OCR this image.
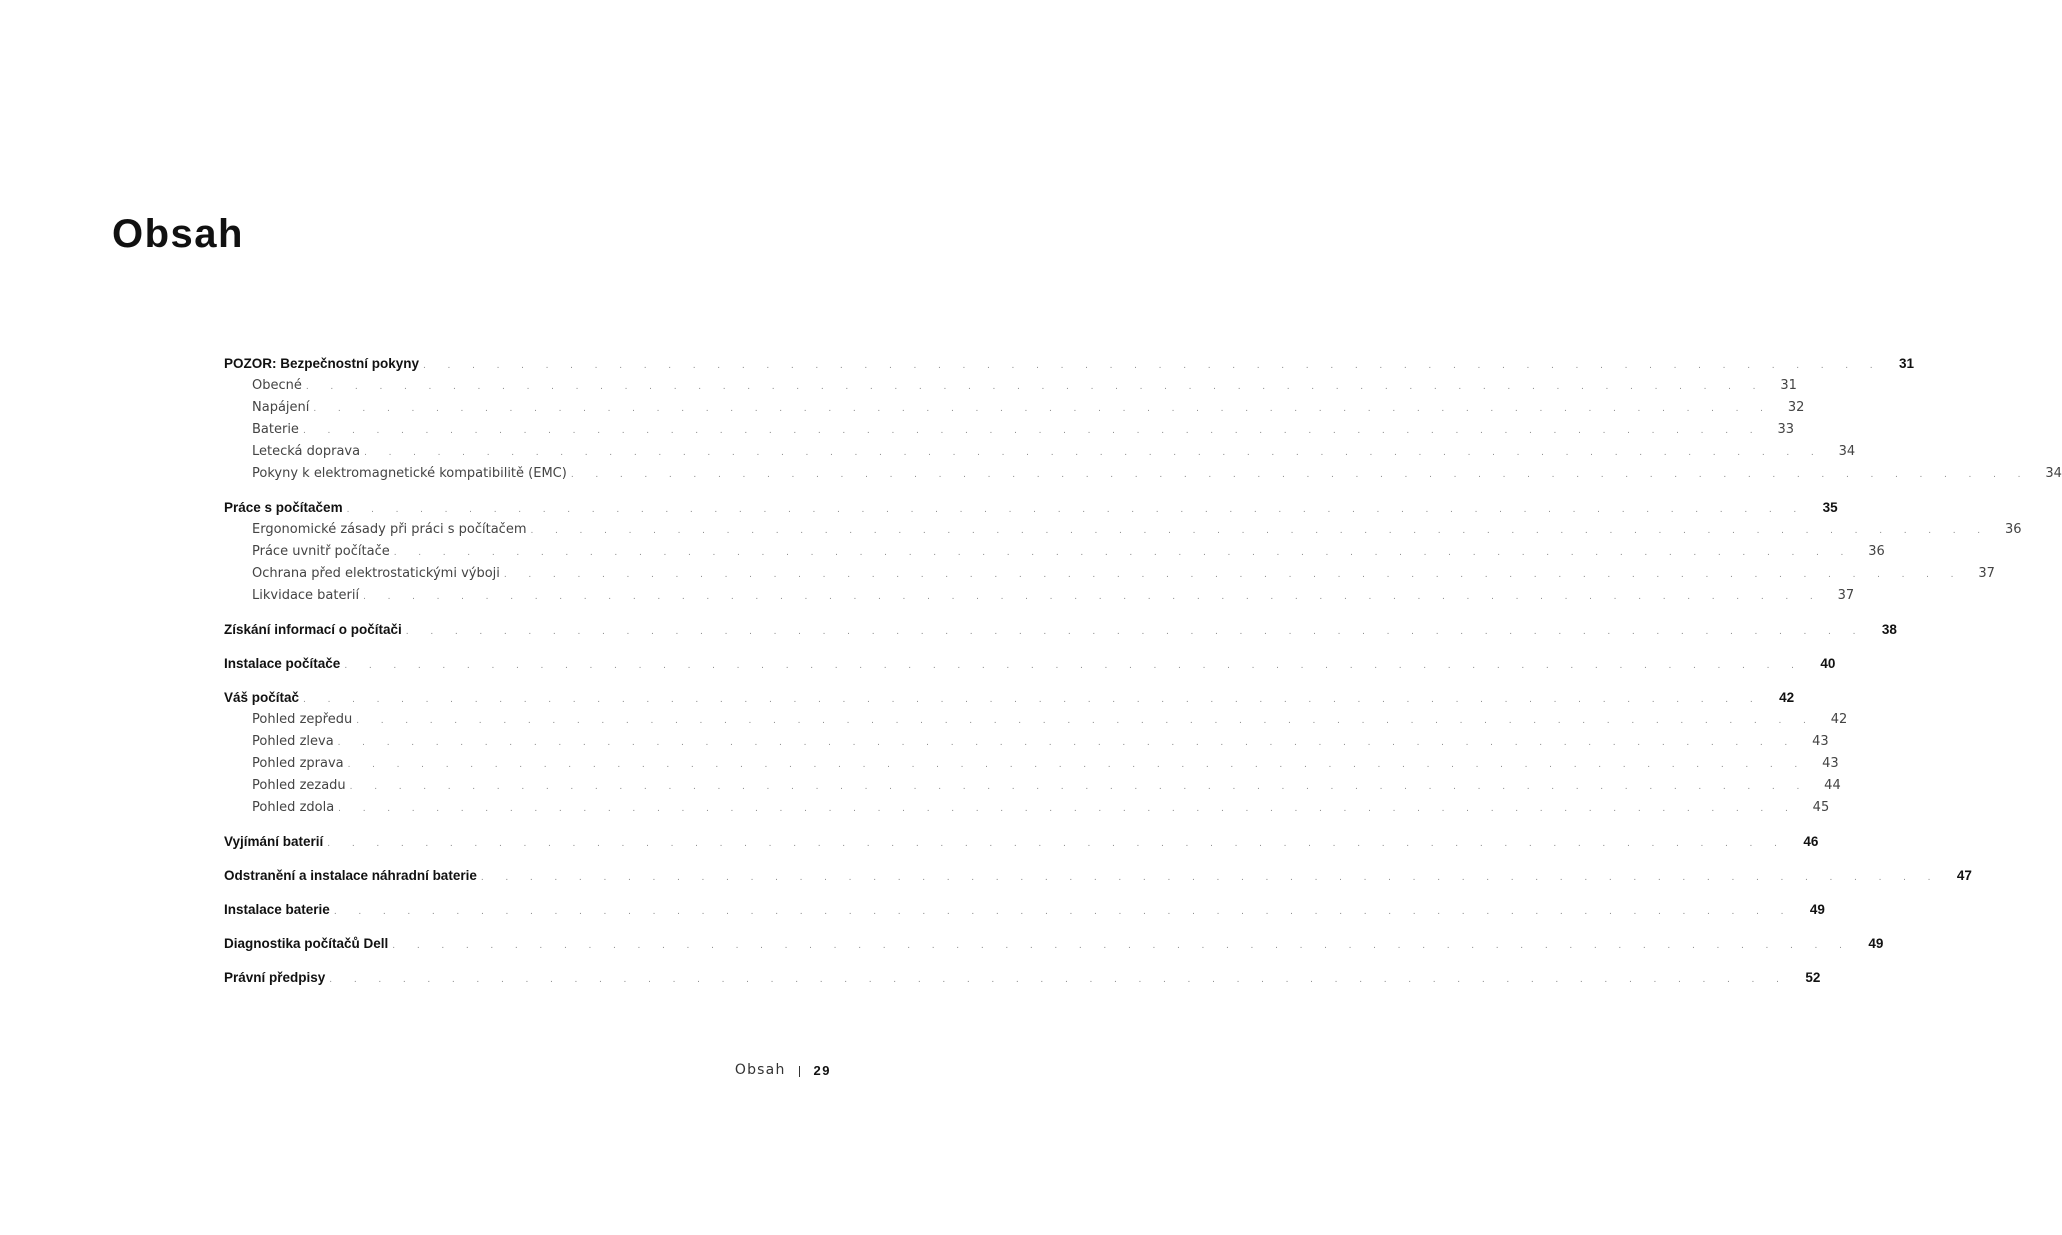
Obsah
POZOR: Bezpečnostní pokyny . . . . . . . . . . . . . . . . . . . . . . . . . . . . . . . . . . . . . . . . . . . . . . . . . . . . . . . . . . . . 31
Obecné . . . . . . . . . . . . . . . . . . . . . . . . . . . . . . . . . . . . . . . . . . . . . . . . . . . . . . . . . . . . 31
Napájení . . . . . . . . . . . . . . . . . . . . . . . . . . . . . . . . . . . . . . . . . . . . . . . . . . . . . . . . . . . . 32
Baterie . . . . . . . . . . . . . . . . . . . . . . . . . . . . . . . . . . . . . . . . . . . . . . . . . . . . . . . . . . . . 33
Letecká doprava . . . . . . . . . . . . . . . . . . . . . . . . . . . . . . . . . . . . . . . . . . . . . . . . . . . . . . . . . . . . 34
Pokyny k elektromagnetické kompatibilitě (EMC) . . . . . . . . . . . . . . . . . . . . . . . . . . . . . . . . . . . . . . . . . . . . . . . . . . . . . . . . . . . . 34
Práce s počítačem . . . . . . . . . . . . . . . . . . . . . . . . . . . . . . . . . . . . . . . . . . . . . . . . . . . . . . . . . . . . 35
Ergonomické zásady při práci s počítačem . . . . . . . . . . . . . . . . . . . . . . . . . . . . . . . . . . . . . . . . . . . . . . . . . . . . . . . . . . . . 36
Práce uvnitř počítače . . . . . . . . . . . . . . . . . . . . . . . . . . . . . . . . . . . . . . . . . . . . . . . . . . . . . . . . . . . . 36
Ochrana před elektrostatickými výboji . . . . . . . . . . . . . . . . . . . . . . . . . . . . . . . . . . . . . . . . . . . . . . . . . . . . . . . . . . . . 37
Likvidace baterií . . . . . . . . . . . . . . . . . . . . . . . . . . . . . . . . . . . . . . . . . . . . . . . . . . . . . . . . . . . . 37
Získání informací o počítači . . . . . . . . . . . . . . . . . . . . . . . . . . . . . . . . . . . . . . . . . . . . . . . . . . . . . . . . . . . . 38
Instalace počítače . . . . . . . . . . . . . . . . . . . . . . . . . . . . . . . . . . . . . . . . . . . . . . . . . . . . . . . . . . . . 40
Váš počítač . . . . . . . . . . . . . . . . . . . . . . . . . . . . . . . . . . . . . . . . . . . . . . . . . . . . . . . . . . . . 42
Pohled zepředu . . . . . . . . . . . . . . . . . . . . . . . . . . . . . . . . . . . . . . . . . . . . . . . . . . . . . . . . . . . . 42
Pohled zleva . . . . . . . . . . . . . . . . . . . . . . . . . . . . . . . . . . . . . . . . . . . . . . . . . . . . . . . . . . . . 43
Pohled zprava . . . . . . . . . . . . . . . . . . . . . . . . . . . . . . . . . . . . . . . . . . . . . . . . . . . . . . . . . . . . 43
Pohled zezadu . . . . . . . . . . . . . . . . . . . . . . . . . . . . . . . . . . . . . . . . . . . . . . . . . . . . . . . . . . . . 44
Pohled zdola . . . . . . . . . . . . . . . . . . . . . . . . . . . . . . . . . . . . . . . . . . . . . . . . . . . . . . . . . . . . 45
Vyjímání baterií . . . . . . . . . . . . . . . . . . . . . . . . . . . . . . . . . . . . . . . . . . . . . . . . . . . . . . . . . . . . 46
Odstranění a instalace náhradní baterie . . . . . . . . . . . . . . . . . . . . . . . . . . . . . . . . . . . . . . . . . . . . . . . . . . . . . . . . . . . . 47
Instalace baterie . . . . . . . . . . . . . . . . . . . . . . . . . . . . . . . . . . . . . . . . . . . . . . . . . . . . . . . . . . . . 49
Diagnostika počítačů Dell . . . . . . . . . . . . . . . . . . . . . . . . . . . . . . . . . . . . . . . . . . . . . . . . . . . . . . . . . . . . 49
Právní předpisy . . . . . . . . . . . . . . . . . . . . . . . . . . . . . . . . . . . . . . . . . . . . . . . . . . . . . . . . . . . . 52
Obsah 29
